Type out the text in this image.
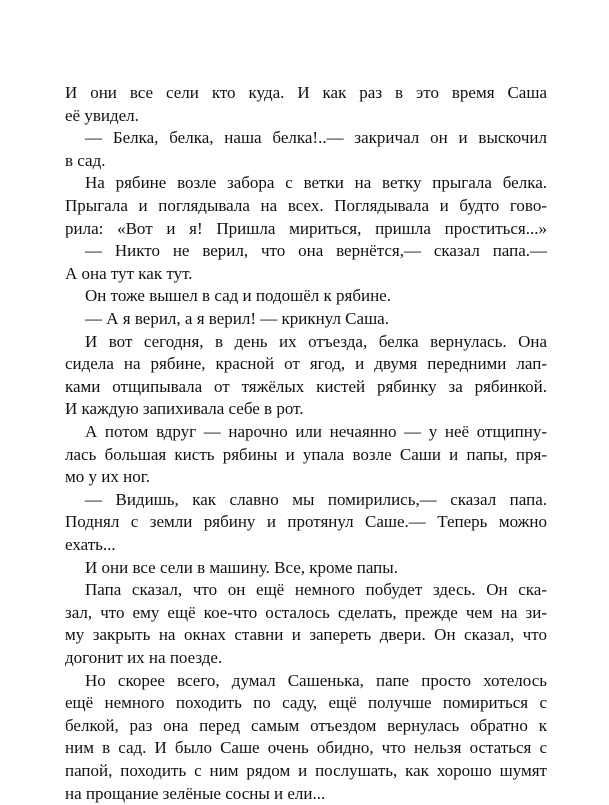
И они все сели кто куда. И как раз в это время Саша
её увидел.
— Белка, белка, наша белка!..— закричал он и выскочил
в сад.
На рябине возле забора с ветки на ветку прыгала белка.
Прыгала и поглядывала на всех. Поглядывала и будто гово-
рила: «Вот и я! Пришла мириться, пришла проститься...»
— Никто не верил, что она вернётся,— сказал папа.—
А она тут как тут.
Он тоже вышел в сад и подошёл к рябине.
— А я верил, а я верил! — крикнул Саша.
И вот сегодня, в день их отъезда, белка вернулась. Она
сидела на рябине, красной от ягод, и двумя передними лап-
ками отщипывала от тяжёлых кистей рябинку за рябинкой.
И каждую запихивала себе в рот.
А потом вдруг — нарочно или нечаянно — у неё отщипну-
лась большая кисть рябины и упала возле Саши и папы, пря-
мо у их ног.
— Видишь, как славно мы помирились,— сказал папа.
Поднял с земли рябину и протянул Саше.— Теперь можно
ехать...
И они все сели в машину. Все, кроме папы.
Папа сказал, что он ещё немного побудет здесь. Он ска-
зал, что ему ещё кое-что осталось сделать, прежде чем на зи-
му закрыть на окнах ставни и запереть двери. Он сказал, что
догонит их на поезде.
Но скорее всего, думал Сашенька, папе просто хотелось
ещё немного походить по саду, ещё получше помириться с
белкой, раз она перед самым отъездом вернулась обратно к
ним в сад. И было Саше очень обидно, что нельзя остаться с
папой, походить с ним рядом и послушать, как хорошо шумят
на прощание зелёные сосны и ели...
